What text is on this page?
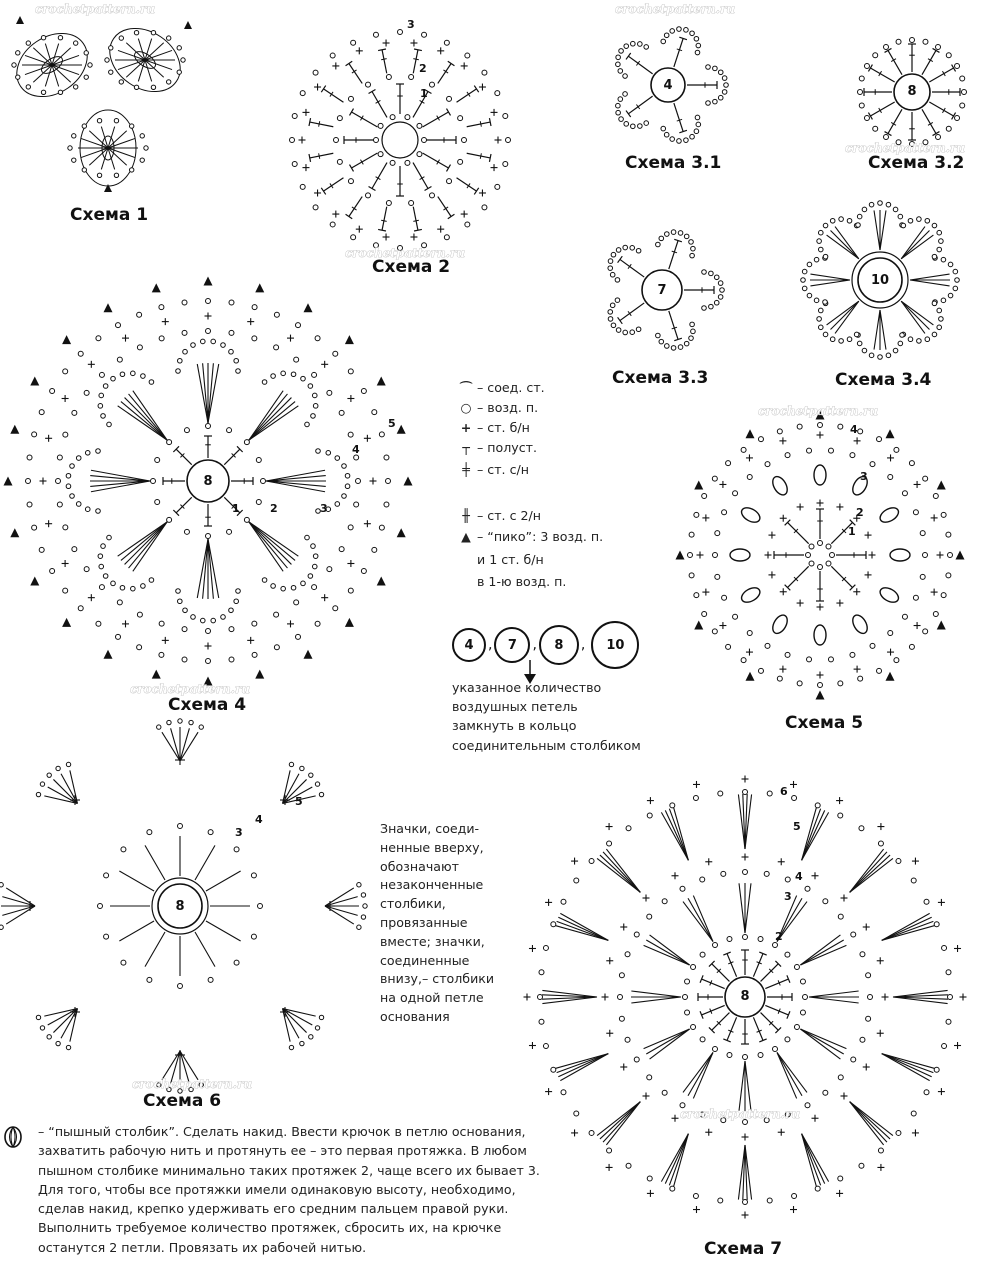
crochetpattern.ru	crochetpattern.ru
crochetpattern.ru
crochetpattern.ru
crochetpattern.ru
crochetpattern.ru
crochetpattern.ru
crochetpattern.ru
Схема 1
Схема 2
Схема 3.1	Схема 3.2
Схема 3.3	Схема 3.4
Схема 4
Схема 5
Схема 6
Схема 7
4	8
7
10
8
8
8
3
2
1
1	2	3
4
5
1
2
3
4
3
4
5
2
3
4
5
6
⌒ – соед. ст.
○ – возд. п.
+ – ст. б/н
┬ – полуст.
╪ – ст. с/н
╫ – ст. с 2/н
▲ – “пико”: 3 возд. п.
и 1 ст. б/н
в 1-ю возд. п.
4	,	7	,	8	,	10
указанное количество
воздушных петель
замкнуть в кольцо
соединительным столбиком
Значки, соеди-
ненные вверху,
обозначают
незаконченные
столбики,
провязанные
вместе; значки,
соединенные
внизу,– столбики
на одной петле
основания
– “пышный столбик”. Сделать накид. Ввести крючок в петлю основания,
захватить рабочую нить и протянуть ее – это первая протяжка. В любом
пышном столбике минимально таких протяжек 2, чаще всего их бывает 3.
Для того, чтобы все протяжки имели одинаковую высоту, необходимо,
сделав накид, крепко удерживать его средним пальцем правой руки.
Выполнить требуемое количество протяжек, сбросить их, на крючке
останутся 2 петли. Провязать их рабочей нитью.
